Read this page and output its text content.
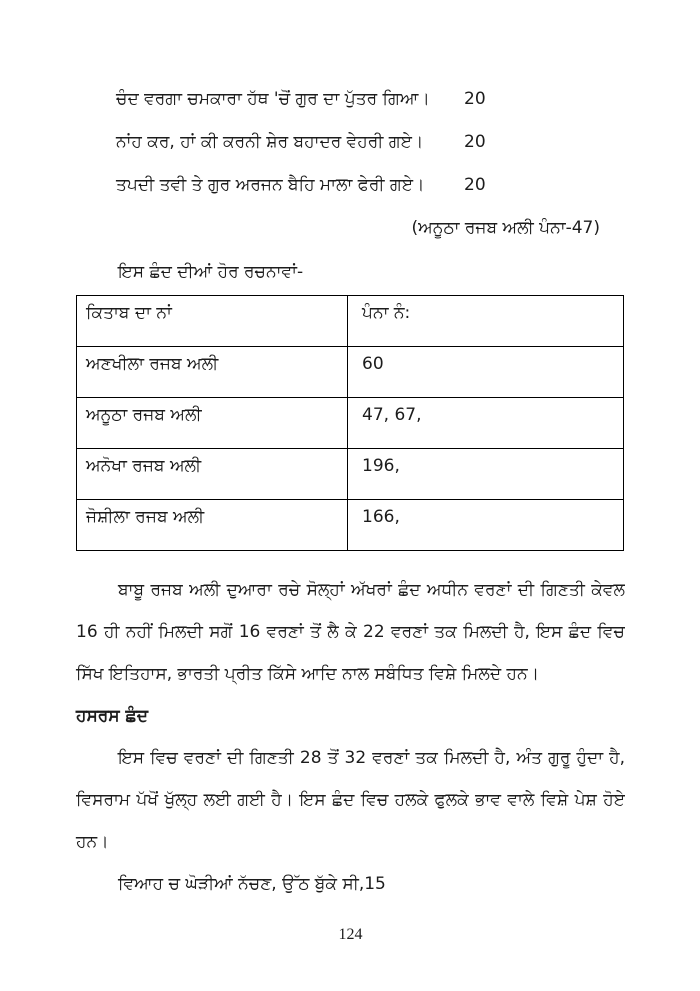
ਚੰਦ ਵਰਗਾ ਚਮਕਾਰਾ ਹੱਥ 'ਚੋਂ ਗੁਰ ਦਾ ਪੁੱਤਰ ਗਿਆ। 20
ਨਾਂਹ ਕਰ, ਹਾਂ ਕੀ ਕਰਨੀ ਸ਼ੇਰ ਬਹਾਦਰ ਵੇਹਰੀ ਗਏ। 20
ਤਪਦੀ ਤਵੀ ਤੇ ਗੁਰ ਅਰਜਨ ਬੈਹਿ ਮਾਲਾ ਫੇਰੀ ਗਏ। 20
(ਅਨੂਠਾ ਰਜਬ ਅਲੀ ਪੰਨਾ-47)
ਇਸ ਛੰਦ ਦੀਆਂ ਹੋਰ ਰਚਨਾਵਾਂ-
ਕਿਤਾਬ ਦਾ ਨਾਂ	ਪੰਨਾ ਨੰ:
ਅਣਖੀਲਾ ਰਜਬ ਅਲੀ	60
ਅਨੂਠਾ ਰਜਬ ਅਲੀ	47, 67,
ਅਨੋਖਾ ਰਜਬ ਅਲੀ	196,
ਜੋਸ਼ੀਲਾ ਰਜਬ ਅਲੀ	166,
ਬਾਬੂ ਰਜਬ ਅਲੀ ਦੁਆਰਾ ਰਚੇ ਸੋਲ੍ਹਾਂ ਅੱਖਰਾਂ ਛੰਦ ਅਧੀਨ ਵਰਣਾਂ ਦੀ ਗਿਣਤੀ ਕੇਵਲ
16 ਹੀ ਨਹੀਂ ਮਿਲਦੀ ਸਗੋਂ 16 ਵਰਣਾਂ ਤੋਂ ਲੈ ਕੇ 22 ਵਰਣਾਂ ਤਕ ਮਿਲਦੀ ਹੈ, ਇਸ ਛੰਦ ਵਿਚ
ਸਿੱਖ ਇਤਿਹਾਸ, ਭਾਰਤੀ ਪ੍ਰੀਤ ਕਿੱਸੇ ਆਦਿ ਨਾਲ ਸਬੰਧਿਤ ਵਿਸ਼ੇ ਮਿਲਦੇ ਹਨ।
ਹਸਰਸ ਛੰਦ
ਇਸ ਵਿਚ ਵਰਣਾਂ ਦੀ ਗਿਣਤੀ 28 ਤੋਂ 32 ਵਰਣਾਂ ਤਕ ਮਿਲਦੀ ਹੈ, ਅੰਤ ਗੁਰੂ ਹੁੰਦਾ ਹੈ,
ਵਿਸਰਾਮ ਪੱਖੋਂ ਖੁੱਲ੍ਹ ਲਈ ਗਈ ਹੈ। ਇਸ ਛੰਦ ਵਿਚ ਹਲਕੇ ਫੁਲਕੇ ਭਾਵ ਵਾਲੇ ਵਿਸ਼ੇ ਪੇਸ਼ ਹੋਏ
ਹਨ।
ਵਿਆਹ ਚ ਘੋੜੀਆਂ ਨੱਚਣ, ਉੱਠ ਬੁੱਕੇ ਸੀ,15
124
